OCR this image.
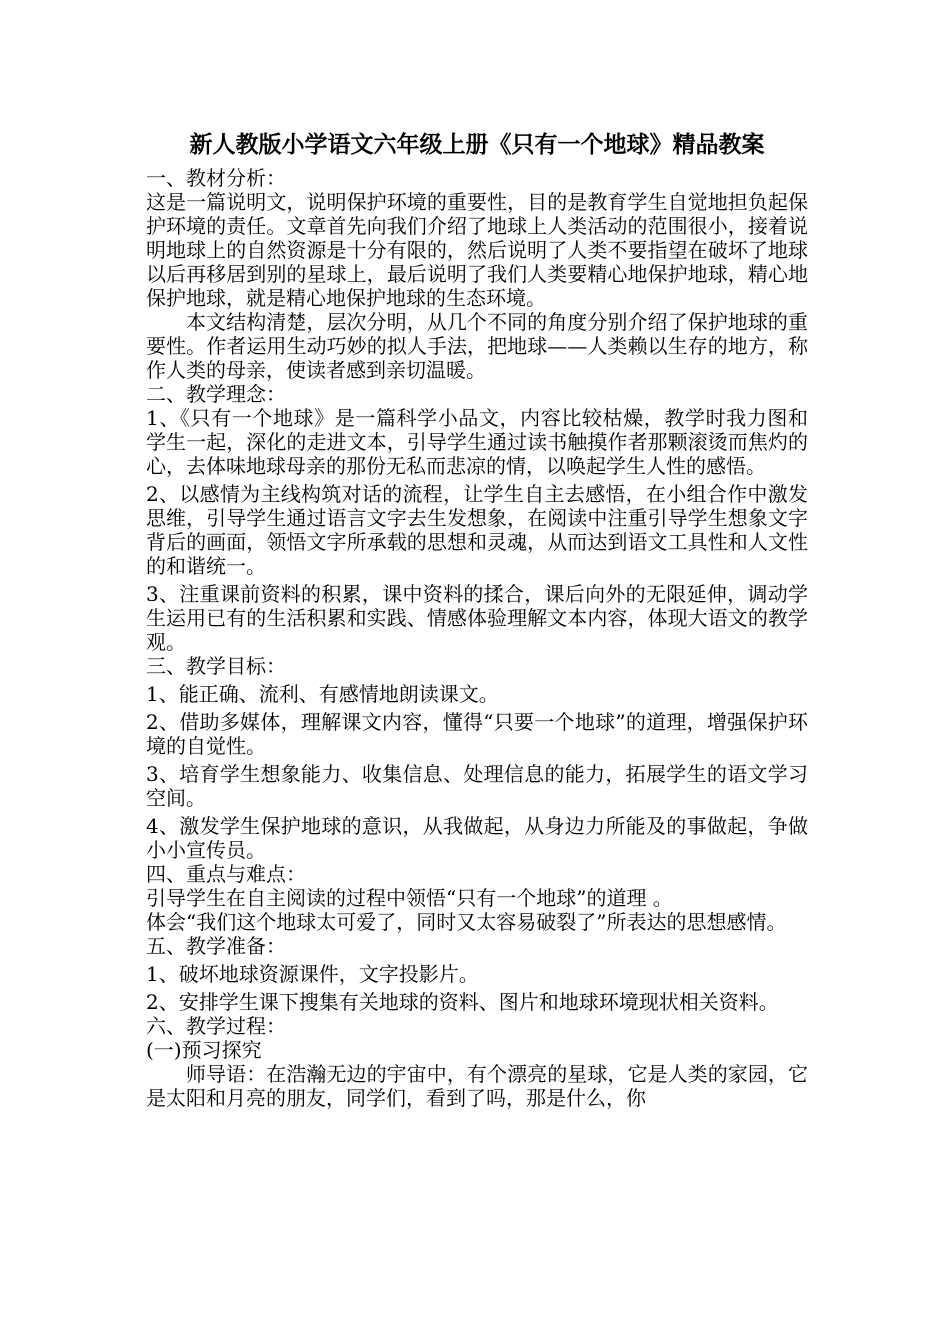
新人教版小学语文六年级上册《只有一个地球》精品教案

一、教材分析：

这是一篇说明文，说明保护环境的重要性，目的是教育学生自觉地担负起保护环境的责任。文章首先向我们介绍了地球上人类活动的范围很小，接着说明地球上的自然资源是十分有限的，然后说明了人类不要指望在破坏了地球以后再移居到别的星球上，最后说明了我们人类要精心地保护地球，精心地保护地球，就是精心地保护地球的生态环境。

本文结构清楚，层次分明，从几个不同的角度分别介绍了保护地球的重要性。作者运用生动巧妙的拟人手法，把地球——人类赖以生存的地方，称作人类的母亲，使读者感到亲切温暖。

二、教学理念：

1、《只有一个地球》是一篇科学小品文，内容比较枯燥，教学时我力图和学生一起，深化的走进文本，引导学生通过读书触摸作者那颗滚烫而焦灼的心，去体味地球母亲的那份无私而悲凉的情，以唤起学生人性的感悟。

2、以感情为主线构筑对话的流程，让学生自主去感悟，在小组合作中激发思维，引导学生通过语言文字去生发想象，在阅读中注重引导学生想象文字背后的画面，领悟文字所承载的思想和灵魂，从而达到语文工具性和人文性的和谐统一。

3、注重课前资料的积累，课中资料的揉合，课后向外的无限延伸，调动学生运用已有的生活积累和实践、情感体验理解文本内容，体现大语文的教学观。

三、教学目标：

1、能正确、流利、有感情地朗读课文。

2、借助多媒体，理解课文内容，懂得“只要一个地球”的道理，增强保护环境的自觉性。

3、培育学生想象能力、收集信息、处理信息的能力，拓展学生的语文学习空间。

4、激发学生保护地球的意识，从我做起，从身边力所能及的事做起，争做小小宣传员。

四、重点与难点：

引导学生在自主阅读的过程中领悟“只有一个地球”的道理 。

体会“我们这个地球太可爱了，同时又太容易破裂了”所表达的思想感情。

五、教学准备：

1、破坏地球资源课件，文字投影片。

2、安排学生课下搜集有关地球的资料、图片和地球环境现状相关资料。

六、教学过程：

(一)预习探究

师导语：在浩瀚无边的宇宙中，有个漂亮的星球，它是人类的家园，它是太阳和月亮的朋友，同学们，看到了吗，那是什么，你
